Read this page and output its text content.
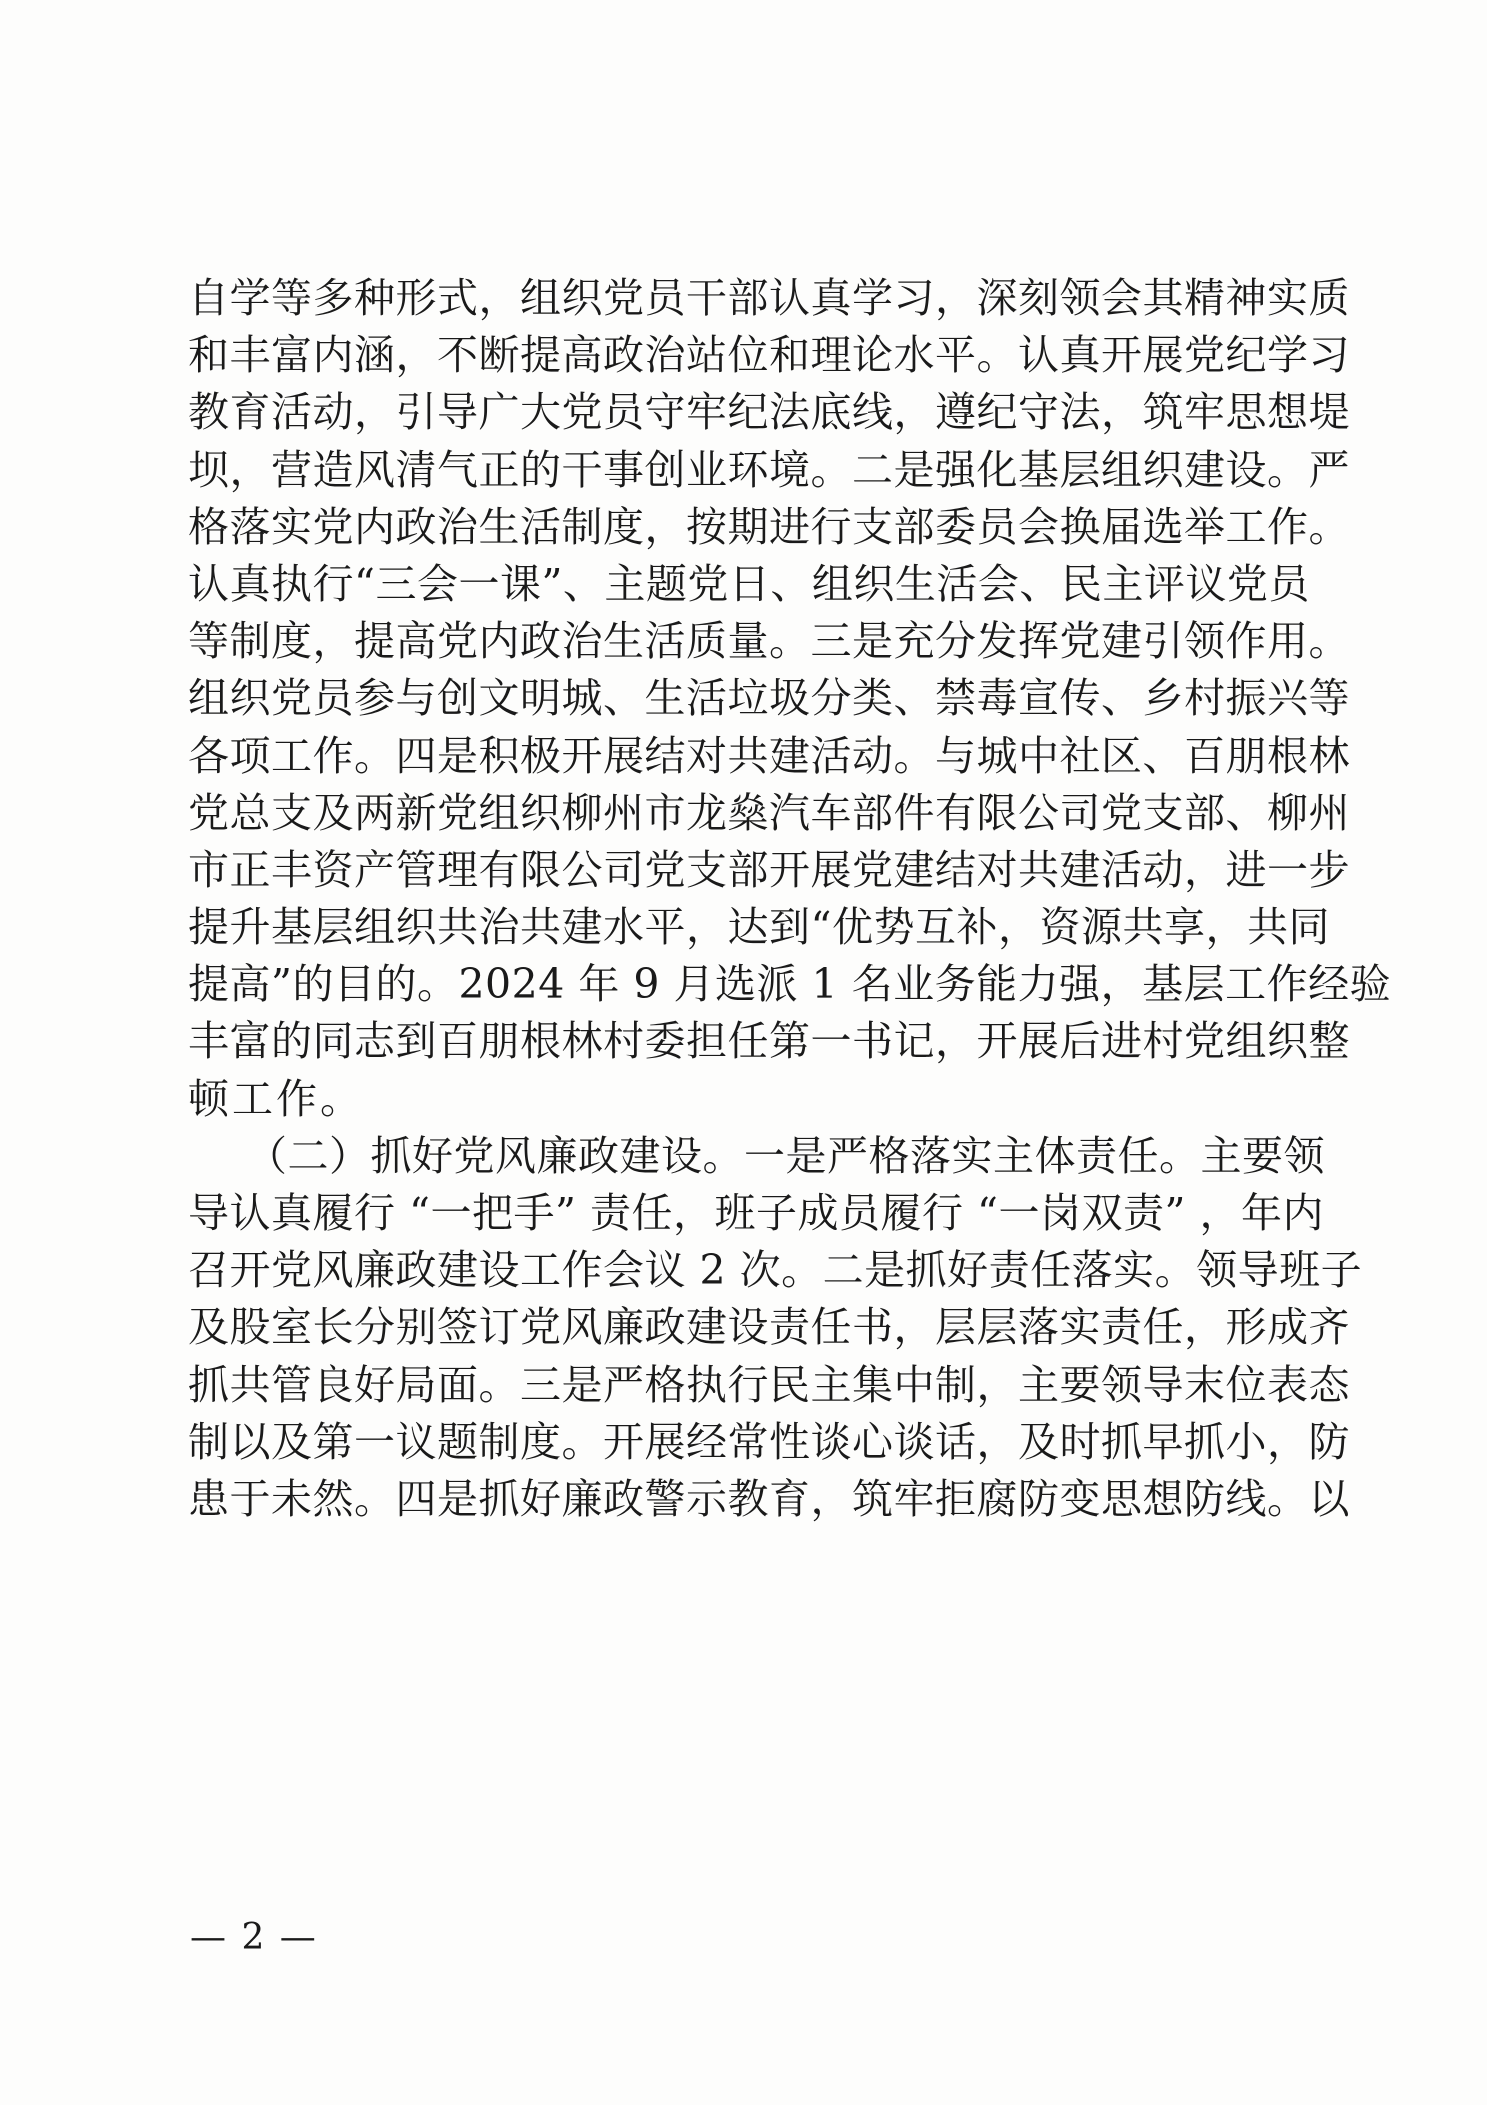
自学等多种形式，组织党员干部认真学习，深刻领会其精神实质
和丰富内涵，不断提高政治站位和理论水平。认真开展党纪学习
教育活动，引导广大党员守牢纪法底线，遵纪守法，筑牢思想堤
坝，营造风清气正的干事创业环境。二是强化基层组织建设。严
格落实党内政治生活制度，按期进行支部委员会换届选举工作。
认真执行“三会一课”、主题党日、组织生活会、民主评议党员
等制度，提高党内政治生活质量。三是充分发挥党建引领作用。
组织党员参与创文明城、生活垃圾分类、禁毒宣传、乡村振兴等
各项工作。四是积极开展结对共建活动。与城中社区、百朋根林
党总支及两新党组织柳州市龙燊汽车部件有限公司党支部、柳州
市正丰资产管理有限公司党支部开展党建结对共建活动，进一步
提升基层组织共治共建水平，达到“优势互补，资源共享，共同
提高”的目的。2024 年 9 月选派 1 名业务能力强，基层工作经验
丰富的同志到百朋根林村委担任第一书记，开展后进村党组织整
顿工作。
（二）抓好党风廉政建设。一是严格落实主体责任。主要领
导认真履行 “一把手” 责任，班子成员履行 “一岗双责” ，年内
召开党风廉政建设工作会议 2 次。二是抓好责任落实。领导班子
及股室长分别签订党风廉政建设责任书，层层落实责任，形成齐
抓共管良好局面。三是严格执行民主集中制，主要领导末位表态
制以及第一议题制度。开展经常性谈心谈话，及时抓早抓小，防
患于未然。四是抓好廉政警示教育，筑牢拒腐防变思想防线。以
— 2 —
